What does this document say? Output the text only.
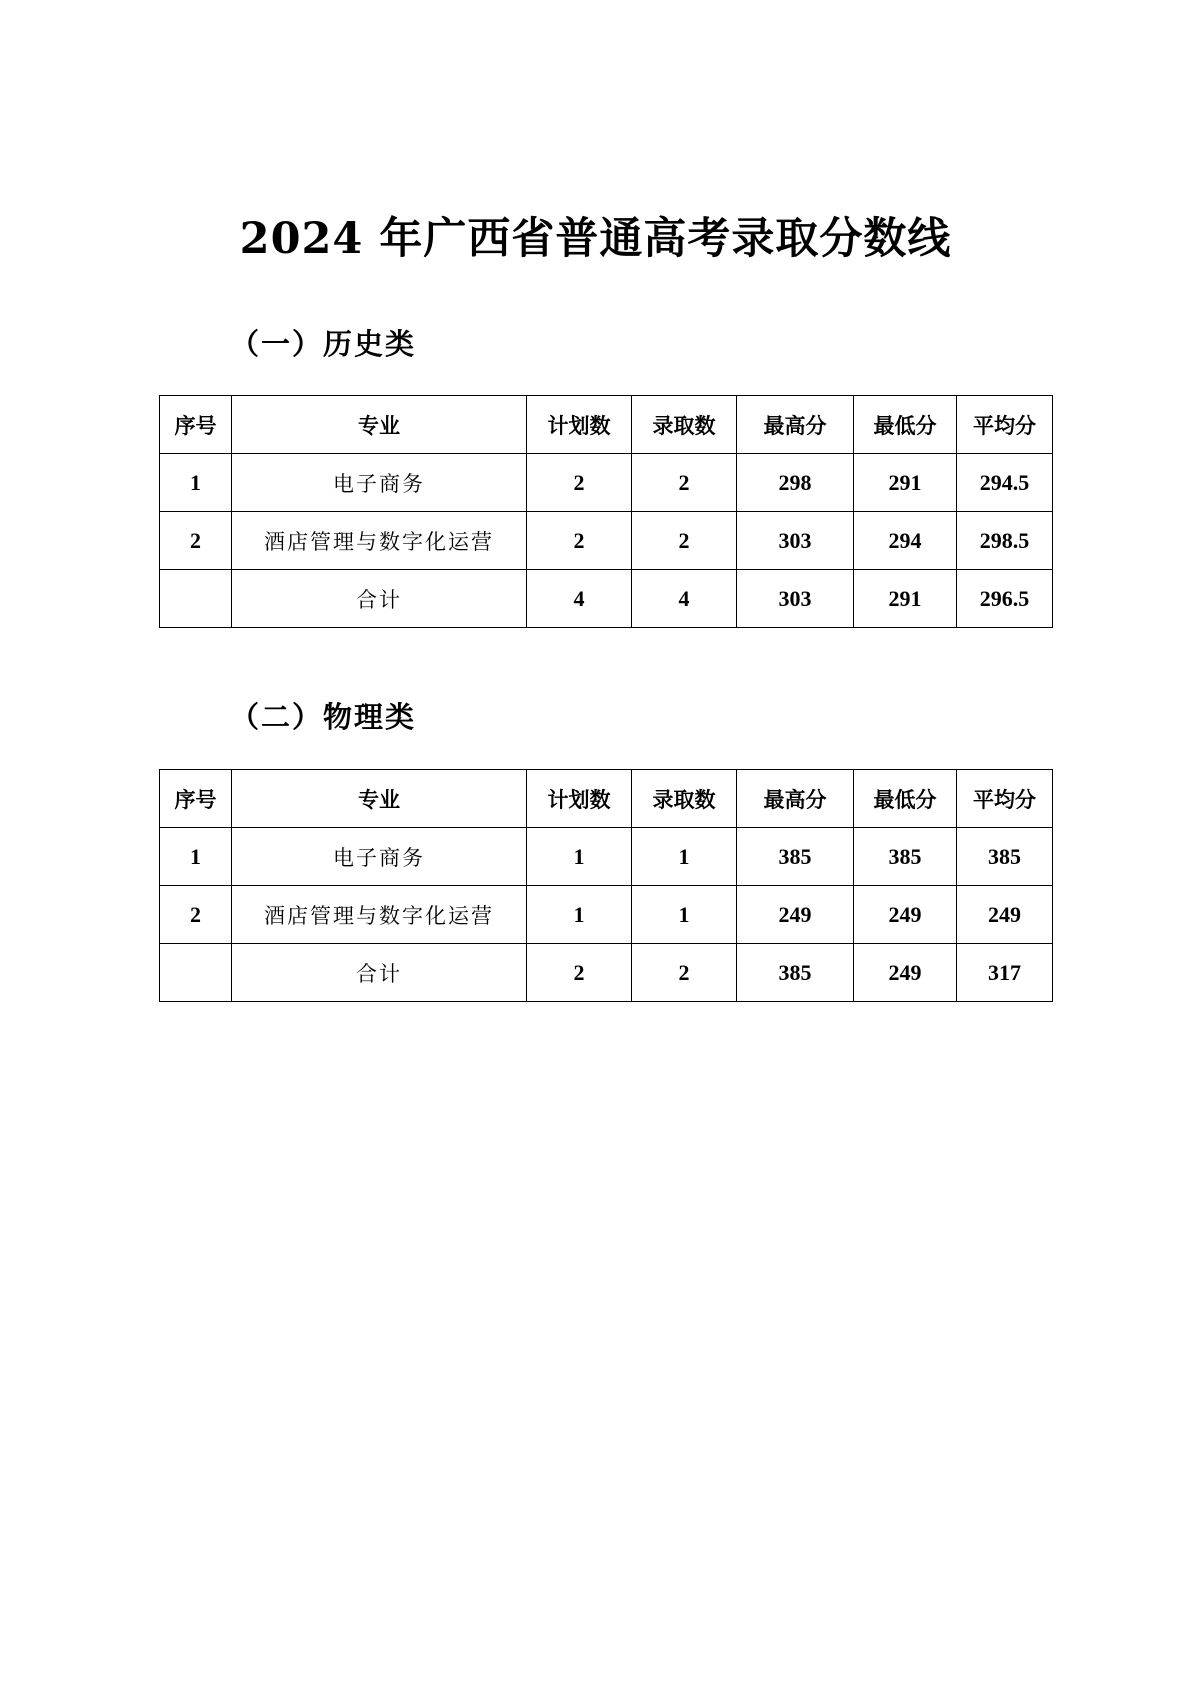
2024 年广西省普通高考录取分数线
（一）历史类
序号	专业	计划数	录取数	最高分	最低分	平均分
1	电子商务	2	2	298	291	294.5
2	酒店管理与数字化运营	2	2	303	294	298.5
	合计	4	4	303	291	296.5
（二）物理类
序号	专业	计划数	录取数	最高分	最低分	平均分
1	电子商务	1	1	385	385	385
2	酒店管理与数字化运营	1	1	249	249	249
	合计	2	2	385	249	317
